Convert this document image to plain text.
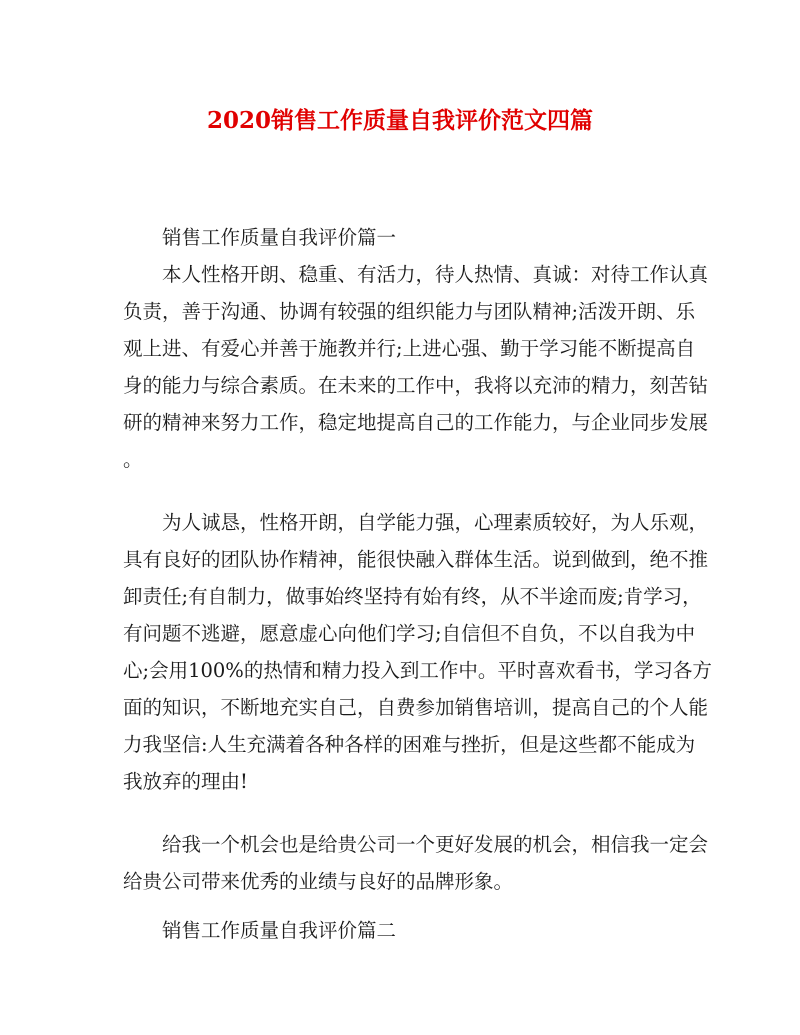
2020销售工作质量自我评价范文四篇

销售工作质量自我评价篇一

本人性格开朗、稳重、有活力，待人热情、真诚：对待工作认真
负责，善于沟通、协调有较强的组织能力与团队精神;活泼开朗、乐
观上进、有爱心并善于施教并行;上进心强、勤于学习能不断提高自
身的能力与综合素质。在未来的工作中，我将以充沛的精力，刻苦钻
研的精神来努力工作，稳定地提高自己的工作能力，与企业同步发展
。
为人诚恳，性格开朗，自学能力强，心理素质较好，为人乐观，
具有良好的团队协作精神，能很快融入群体生活。说到做到，绝不推
卸责任;有自制力，做事始终坚持有始有终，从不半途而废;肯学习，
有问题不逃避，愿意虚心向他们学习;自信但不自负，不以自我为中
心;会用100%的热情和精力投入到工作中。平时喜欢看书，学习各方
面的知识，不断地充实自己，自费参加销售培训，提高自己的个人能
力我坚信:人生充满着各种各样的困难与挫折，但是这些都不能成为
我放弃的理由!
给我一个机会也是给贵公司一个更好发展的机会，相信我一定会
给贵公司带来优秀的业绩与良好的品牌形象。

销售工作质量自我评价篇二
